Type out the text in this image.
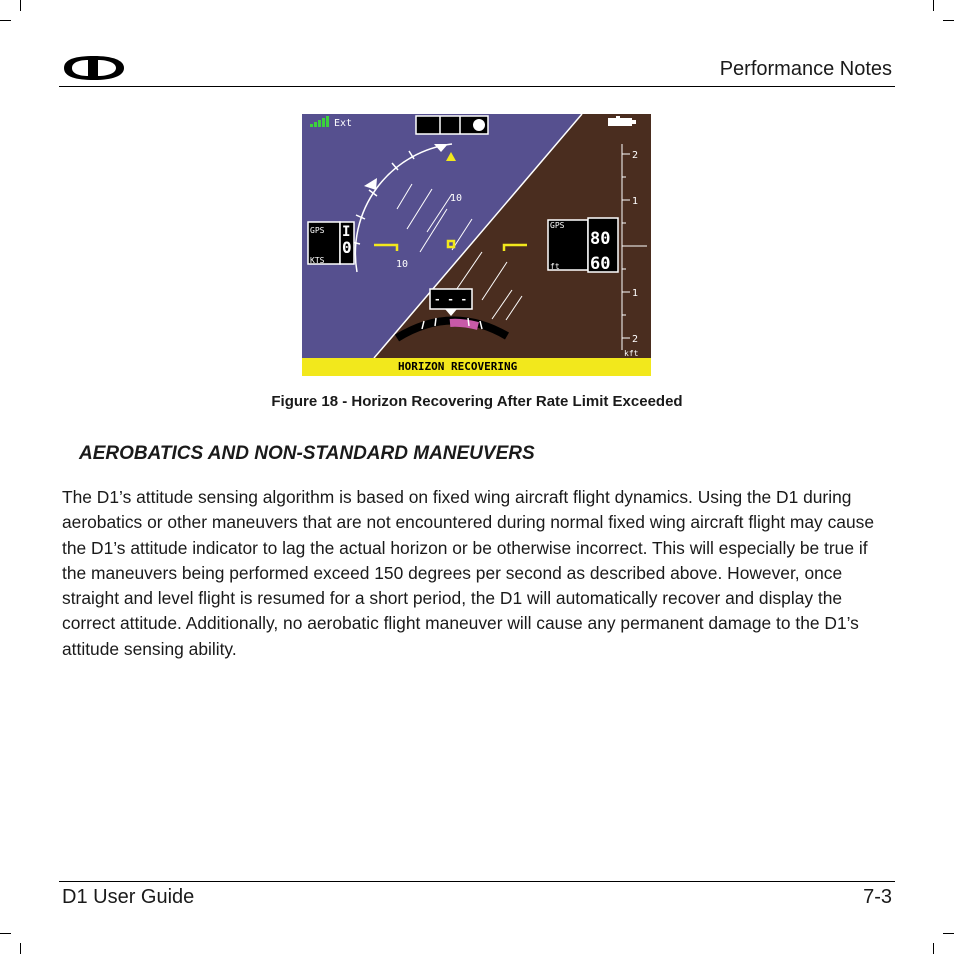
Performance Notes
10
10
Ext
GPS
KTS
I
0
GPS
ft
80
60
2
1
1
2
kft
- - -
HORIZON RECOVERING
Figure 18 - Horizon Recovering After Rate Limit Exceeded
AEROBATICS AND NON-STANDARD MANEUVERS
The D1’s attitude sensing algorithm is based on fixed wing aircraft flight dynamics. Using the D1 during aerobatics or other maneuvers that are not encountered during normal fixed wing aircraft flight may cause the D1’s attitude indicator to lag the actual horizon or be otherwise incorrect. This will especially be true if the maneuvers being performed exceed 150 degrees per second as described above. However, once straight and level flight is resumed for a short period, the D1 will automatically recover and display the correct attitude. Additionally, no aerobatic flight maneuver will cause any permanent damage to the D1’s attitude sensing ability.
D1 User Guide	7-3
